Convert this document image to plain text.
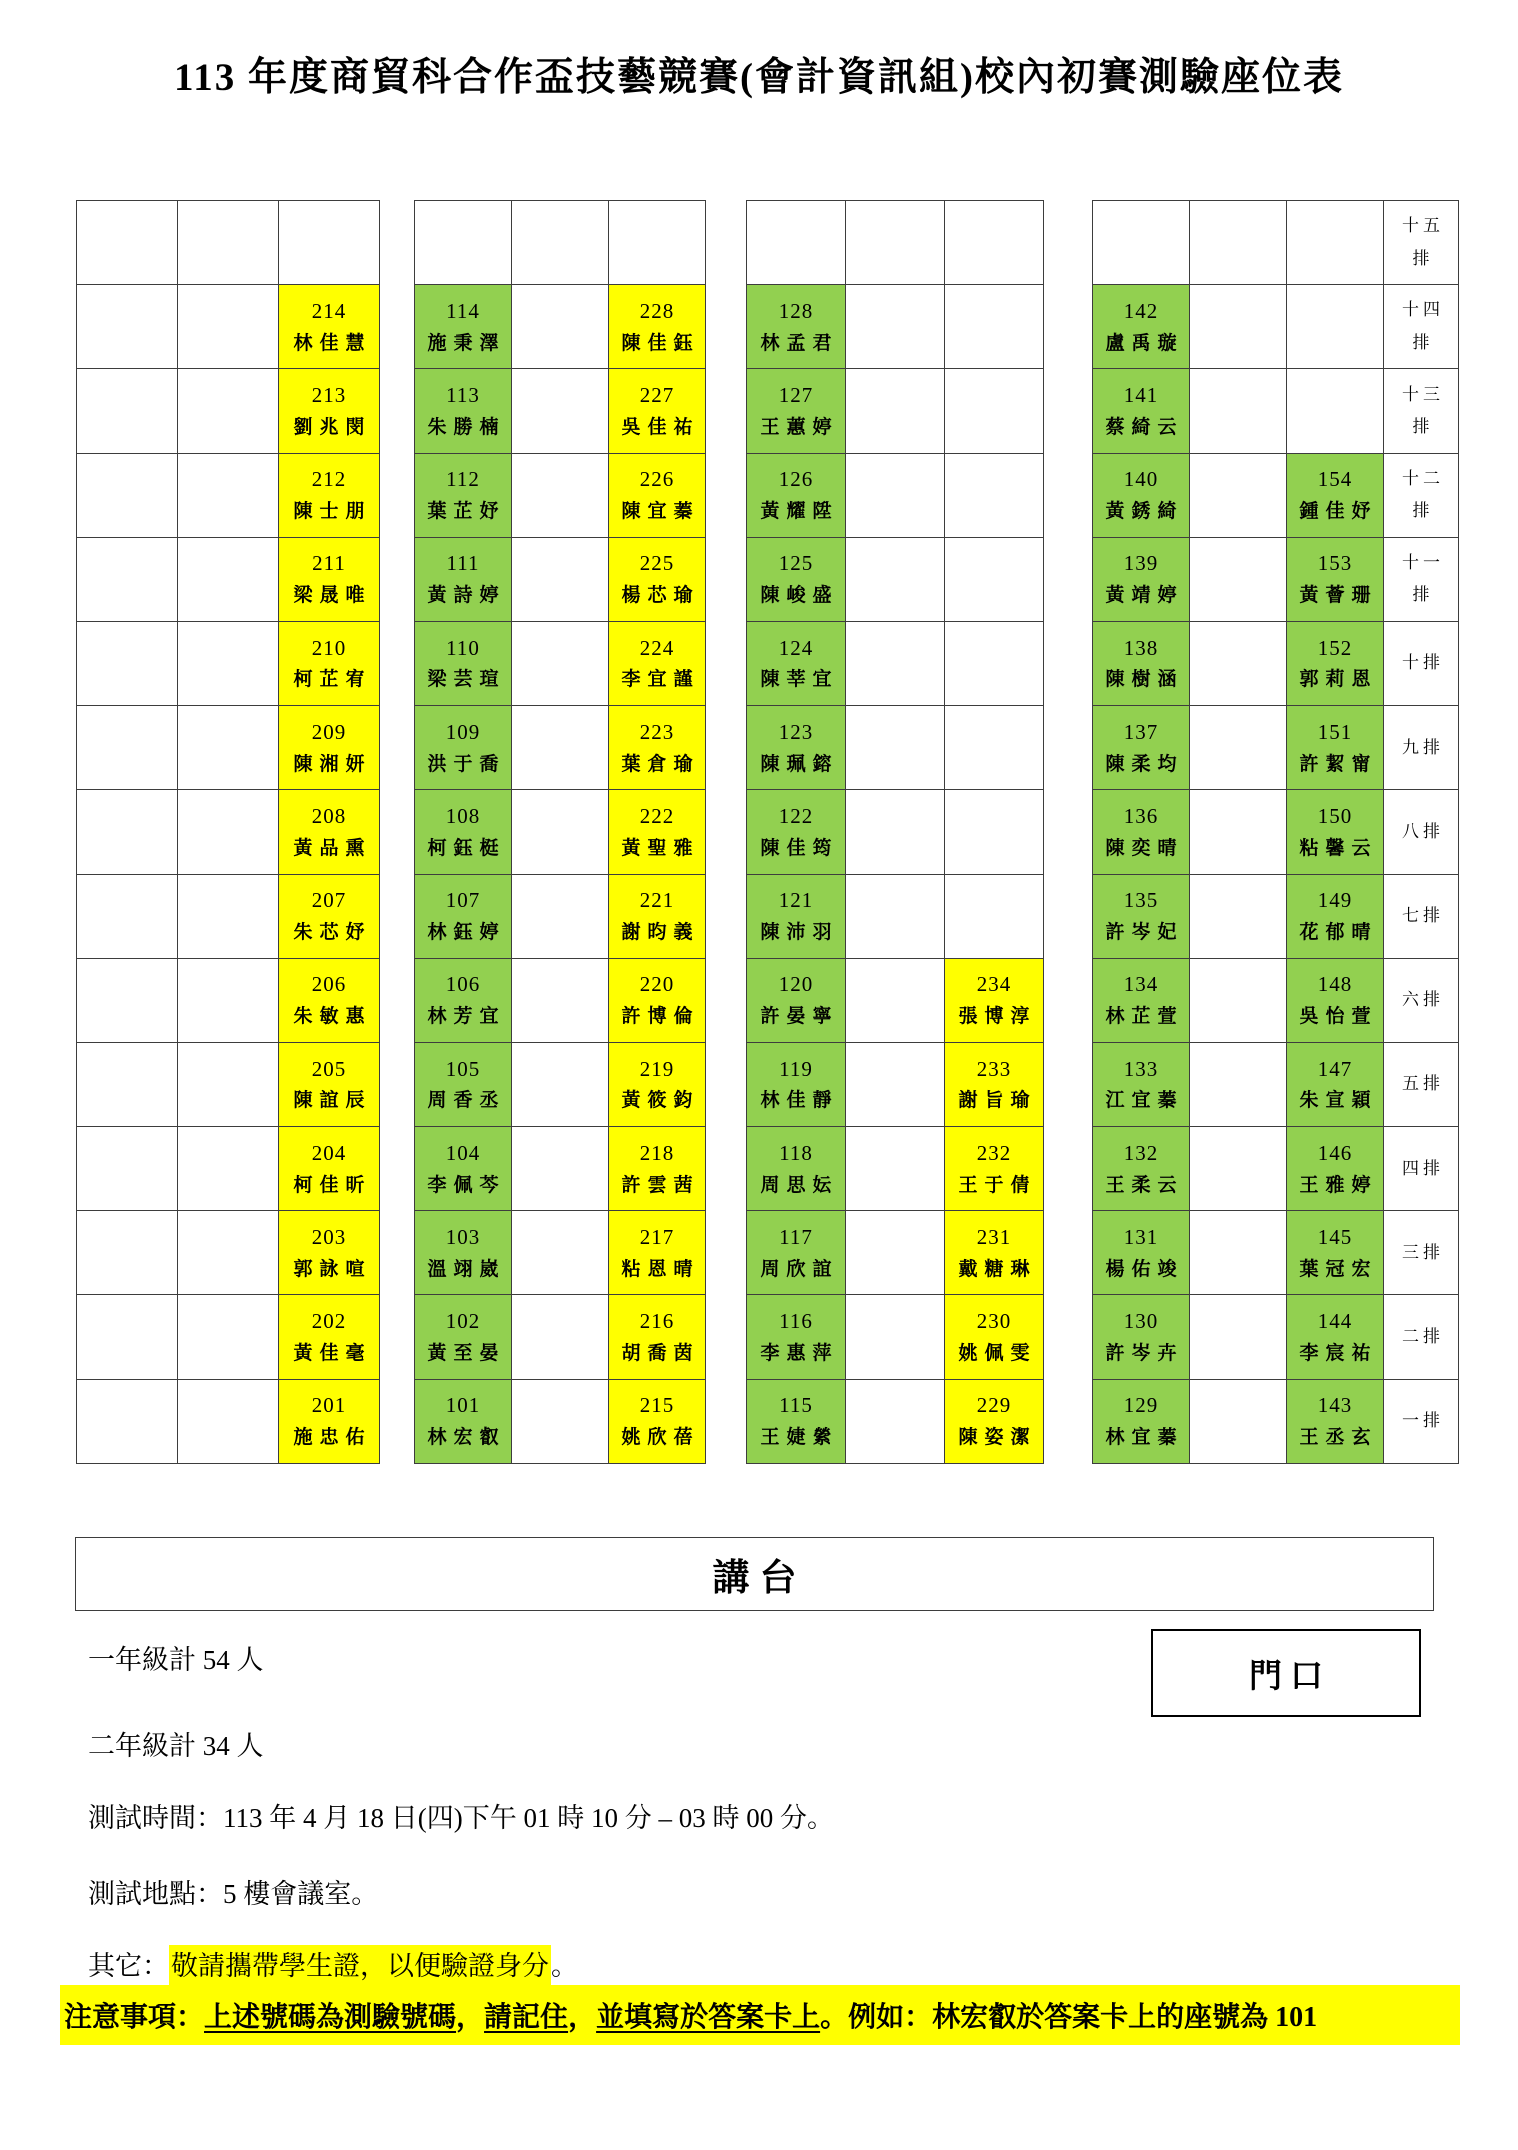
113 年度商貿科合作盃技藝競賽(會計資訊組)校內初賽測驗座位表
214
林佳慧
213
劉兆閔
212
陳士朋
211
梁晟唯
210
柯芷宥
209
陳湘妍
208
黃品熏
207
朱芯妤
206
朱敏惠
205
陳誼辰
204
柯佳昕
203
郭詠喧
202
黃佳毫
201
施忠佑
114
施秉澤
228
陳佳鈺
113
朱勝楠
227
吳佳祐
112
葉芷妤
226
陳宜蓁
111
黃詩婷
225
楊芯瑜
110
梁芸瑄
224
李宜謹
109
洪于喬
223
葉倉瑜
108
柯鈺梃
222
黃聖雅
107
林鈺婷
221
謝昀義
106
林芳宜
220
許博倫
105
周香丞
219
黃筱鈞
104
李佩芩
218
許雲茜
103
溫翊崴
217
粘恩晴
102
黃至晏
216
胡喬茵
101
林宏叡
215
姚欣蓓
128
林孟君
127
王蕙婷
126
黃耀陞
125
陳峻盛
124
陳莘宜
123
陳珮鎔
122
陳佳筠
121
陳沛羽
120
許晏寧
234
張博淳
119
林佳靜
233
謝旨瑜
118
周思妘
232
王于倩
117
周欣誼
231
戴糖琳
116
李惠萍
230
姚佩雯
115
王婕縈
229
陳姿潔
142
盧禹璇
141
蔡綺云
140
黃銹綺
154
鍾佳妤
139
黃靖婷
153
黃薈珊
138
陳樹涵
152
郭莉恩
137
陳柔均
151
許絜甯
136
陳奕晴
150
粘馨云
135
許岑妃
149
花郁晴
134
林芷萱
148
吳怡萱
133
江宜蓁
147
朱宣穎
132
王柔云
146
王雅婷
131
楊佑竣
145
葉冠宏
130
許岑卉
144
李宸祐
129
林宜蓁
143
王丞玄
十五
排
十四
排
十三
排
十二
排
十一
排
十排
九排
八排
七排
六排
五排
四排
三排
二排
一排
講台
門口
一年級計 54 人
二年級計 34 人
測試時間：113 年 4 月 18 日(四)下午 01 時 10 分 – 03 時 00 分。
測試地點：5 樓會議室。
其它：敬請攜帶學生證，以便驗證身分。
注意事項： 上述號碼為測驗號碼 ， 請記住 ， 並填寫於答案卡上 。例如：林宏叡於答案卡上的座號為 101
